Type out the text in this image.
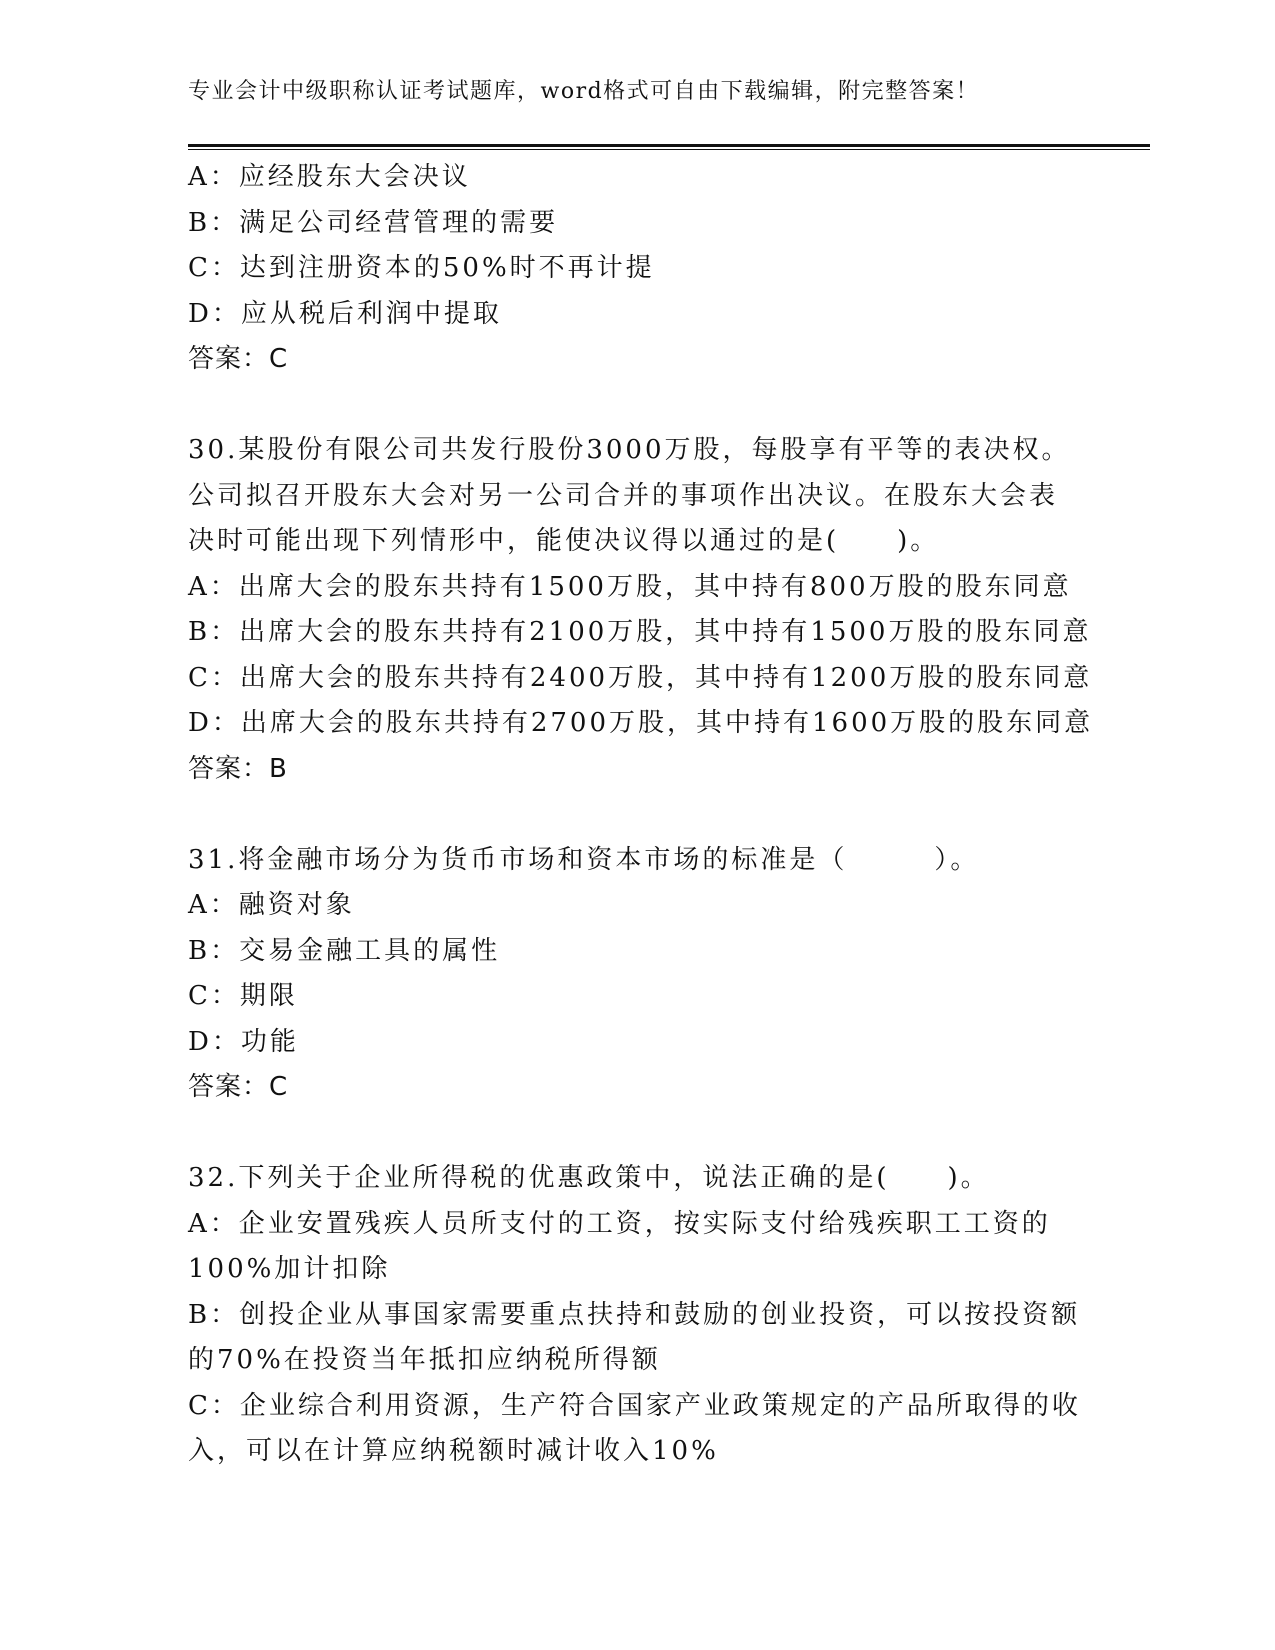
专业会计中级职称认证考试题库，word格式可自由下载编辑，附完整答案！
A：应经股东大会决议
B：满足公司经营管理的需要
C：达到注册资本的50%时不再计提
D：应从税后利润中提取
答案：C
30.某股份有限公司共发行股份3000万股，每股享有平等的表决权。
公司拟召开股东大会对另一公司合并的事项作出决议。在股东大会表
决时可能出现下列情形中，能使决议得以通过的是(　　)。
A：出席大会的股东共持有1500万股，其中持有800万股的股东同意
B：出席大会的股东共持有2100万股，其中持有1500万股的股东同意
C：出席大会的股东共持有2400万股，其中持有1200万股的股东同意
D：出席大会的股东共持有2700万股，其中持有1600万股的股东同意
答案：B
31.将金融市场分为货币市场和资本市场的标准是（　　　）。
A：融资对象
B：交易金融工具的属性
C：期限
D：功能
答案：C
32.下列关于企业所得税的优惠政策中，说法正确的是(　　)。
A：企业安置残疾人员所支付的工资，按实际支付给残疾职工工资的
100%加计扣除
B：创投企业从事国家需要重点扶持和鼓励的创业投资，可以按投资额
的70%在投资当年抵扣应纳税所得额
C：企业综合利用资源，生产符合国家产业政策规定的产品所取得的收
入，可以在计算应纳税额时减计收入10%
